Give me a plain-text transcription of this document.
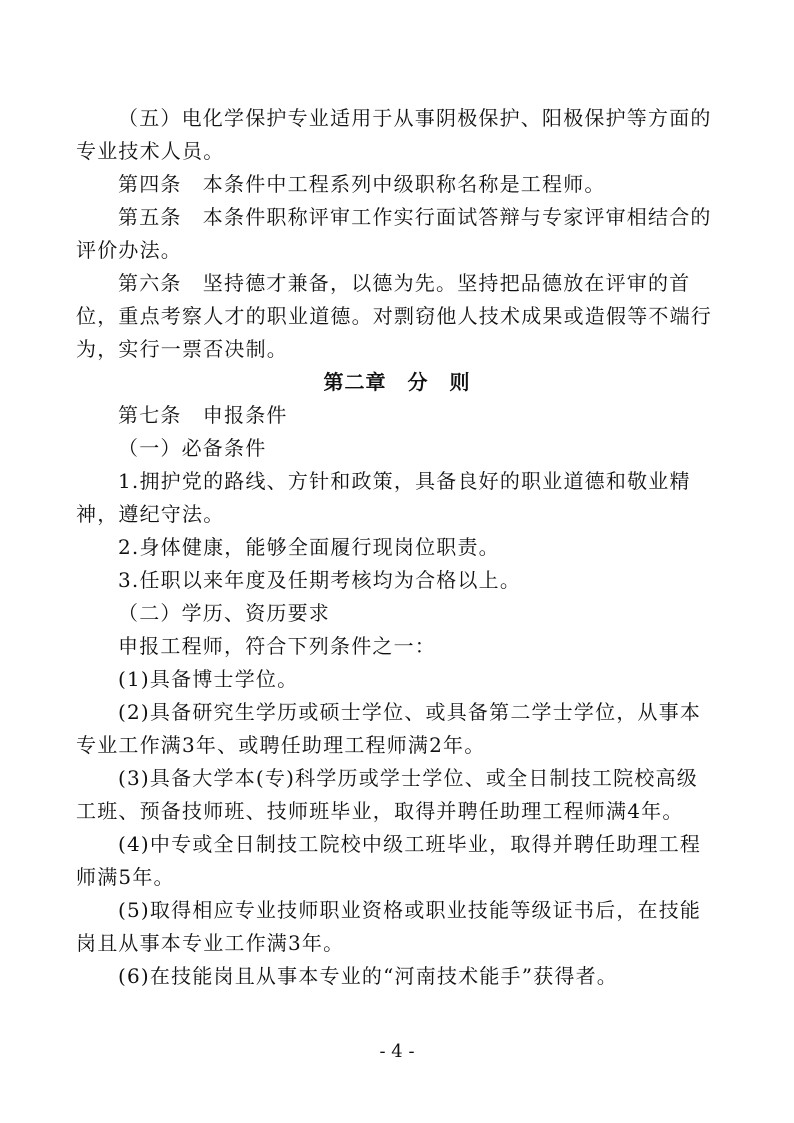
（五）电化学保护专业适用于从事阴极保护、阳极保护等方面的
专业技术人员。
第四条　本条件中工程系列中级职称名称是工程师。
第五条　本条件职称评审工作实行面试答辩与专家评审相结合的
评价办法。
第六条　坚持德才兼备，以德为先。坚持把品德放在评审的首
位，重点考察人才的职业道德。对剽窃他人技术成果或造假等不端行
为，实行一票否决制。
第二章　分　则
第七条　申报条件
（一）必备条件
1.拥护党的路线、方针和政策，具备良好的职业道德和敬业精
神，遵纪守法。
2.身体健康，能够全面履行现岗位职责。
3.任职以来年度及任期考核均为合格以上。
（二）学历、资历要求
申报工程师，符合下列条件之一：
(1)具备博士学位。
(2)具备研究生学历或硕士学位、或具备第二学士学位，从事本
专业工作满3年、或聘任助理工程师满2年。
(3)具备大学本(专)科学历或学士学位、或全日制技工院校高级
工班、预备技师班、技师班毕业，取得并聘任助理工程师满4年。
(4)中专或全日制技工院校中级工班毕业，取得并聘任助理工程
师满5年。
(5)取得相应专业技师职业资格或职业技能等级证书后，在技能
岗且从事本专业工作满3年。
(6)在技能岗且从事本专业的“河南技术能手”获得者。
- 4 -
